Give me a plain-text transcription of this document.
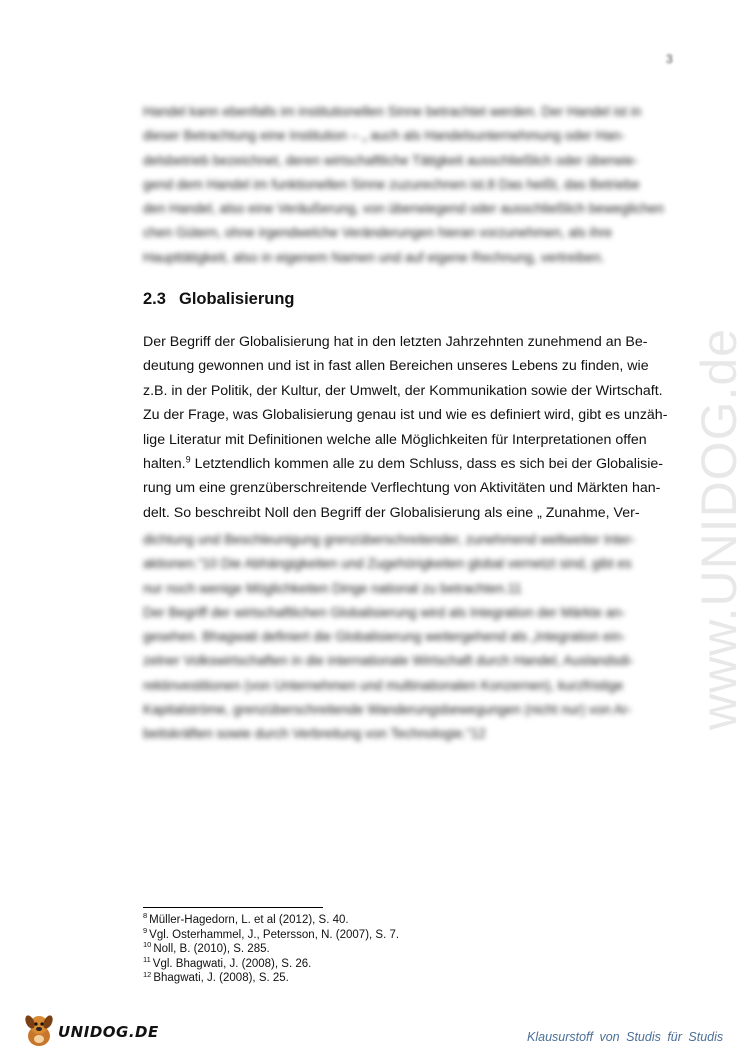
3
www.UNIDOG.de

Handel kann ebenfalls im institutionellen Sinne betrachtet werden. Der Handel ist in

dieser Betrachtung eine Institution – „ auch als Handelsunternehmung oder Han-

delsbetrieb bezeichnet, deren wirtschaftliche Tätigkeit ausschließlich oder überwie-

gend dem Handel im funktionellen Sinne zuzurechnen ist.8 Das heißt, das Betriebe

den Handel, also eine Veräußerung, von überwiegend oder ausschließlich beweglichen

chen Gütern, ohne irgendwelche Veränderungen hieran vorzunehmen, als ihre

Haupttätigkeit, also in eigenem Namen und auf eigene Rechnung, vertreiben.

2.3 Globalisierung

Der Begriff der Globalisierung hat in den letzten Jahrzehnten zunehmend an Be-

deutung gewonnen und ist in fast allen Bereichen unseres Lebens zu finden, wie

z.B. in der Politik, der Kultur, der Umwelt, der Kommunikation sowie der Wirtschaft.

Zu der Frage, was Globalisierung genau ist und wie es definiert wird, gibt es unzäh-

lige Literatur mit Definitionen welche alle Möglichkeiten für Interpretationen offen

halten.$^9$ Letztendlich kommen alle zu dem Schluss, dass es sich bei der Globalisie-

rung um eine grenzüberschreitende Verflechtung von Aktivitäten und Märkten han-

delt. So beschreibt Noll den Begriff der Globalisierung als eine „ Zunahme, Ver-

dichtung und Beschleunigung grenzüberschreitender, zunehmend weltweiter Inter-

aktionen.“10 Die Abhängigkeiten und Zugehörigkeiten global vernetzt sind, gibt es

nur noch wenige Möglichkeiten Dinge national zu betrachten.11

Der Begriff der wirtschaftlichen Globalisierung wird als Integration der Märkte an-

gesehen. Bhagwati definiert die Globalisierung weitergehend als „Integration ein-

zelner Volkswirtschaften in die internationale Wirtschaft durch Handel, Auslandsdi-

rektinvestitionen (von Unternehmen und multinationalen Konzernen), kurzfristige

Kapitalströme, grenzüberschreitende Wanderungsbewegungen (nicht nur) von Ar-

beitskräften sowie durch Verbreitung von Technologie.“12

$^8$ Müller-Hagedorn, L. et al (2012), S. 40.
$^9$ Vgl. Osterhammel, J., Petersson, N. (2007), S. 7.
$^{10}$ Noll, B. (2010), S. 285.
$^{11}$ Vgl. Bhagwati, J. (2008), S. 26.
$^{12}$ Bhagwati, J. (2008), S. 25.
UNIDOG.DE	Klausurstoff von Studis für Studis
